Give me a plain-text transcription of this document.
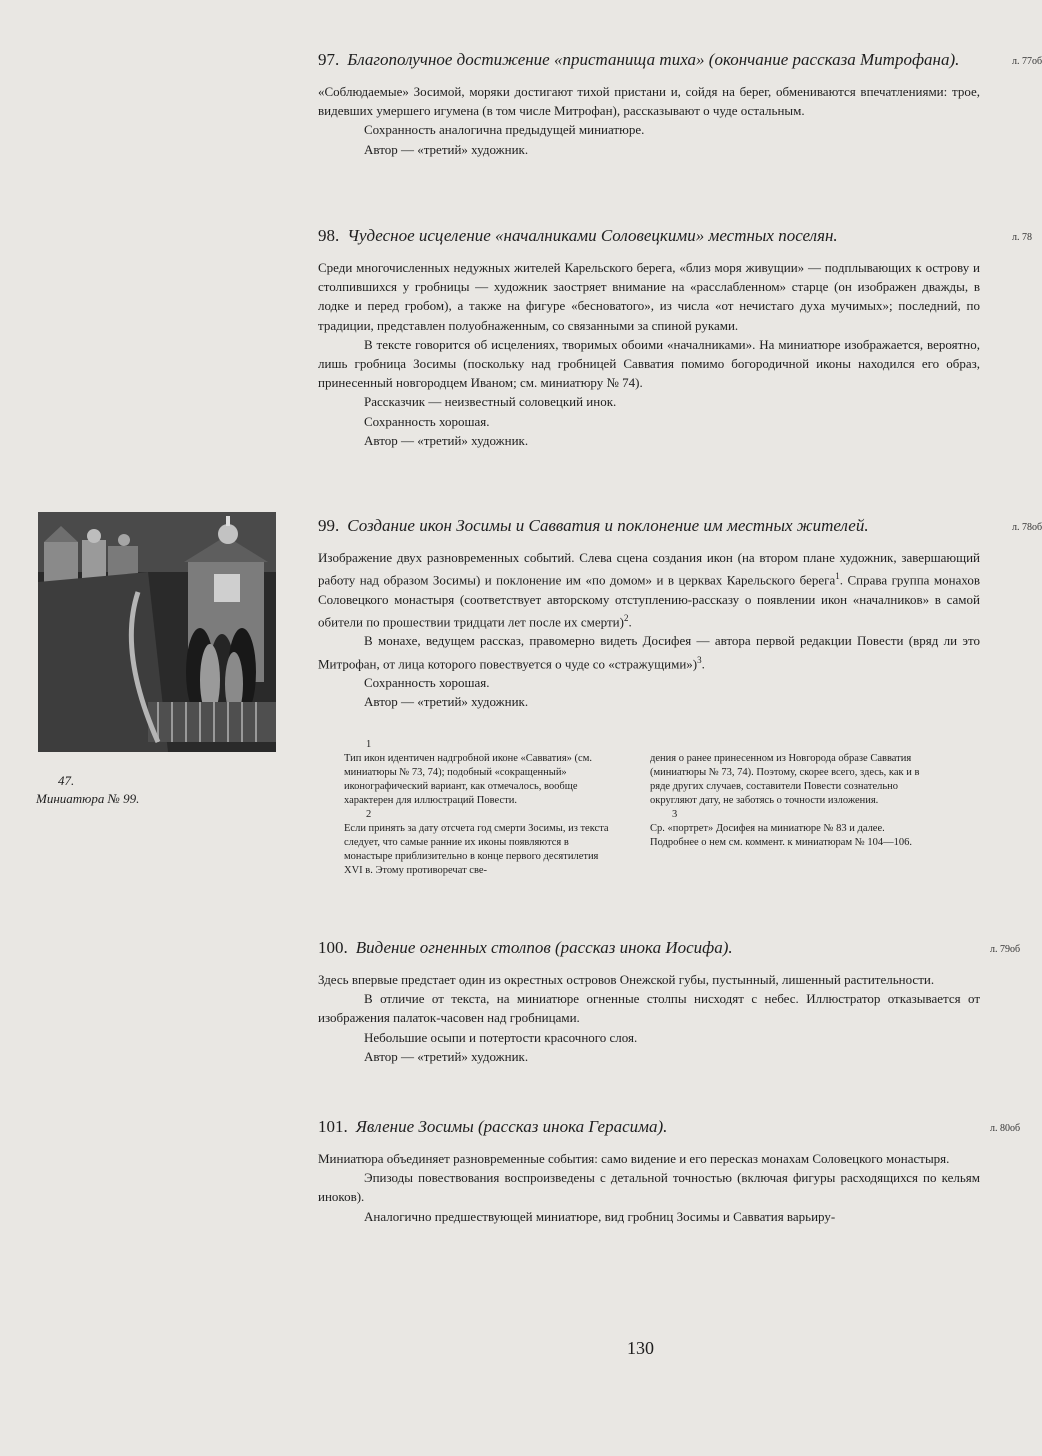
97. Благополучное достижение «пристанища тиха» (окончание рассказа Митрофана).

«Соблюдаемые» Зосимой, моряки достигают тихой пристани и, сойдя на берег, обмениваются впечатлениями: трое, видевших умершего игумена (в том числе Митрофан), рассказывают о чуде остальным.

Сохранность аналогична предыдущей миниатюре.

Автор — «третий» художник.

л. 77об
98. Чудесное исцеление «началниками Соловецкими» местных поселян.

Среди многочисленных недужных жителей Карельского берега, «близ моря живущии» — подплывающих к острову и столпившихся у гробницы — художник заостряет внимание на «расслабленном» старце (он изображен дважды, в лодке и перед гробом), а также на фигуре «бесноватого», из числа «от нечистаго духа мучимых»; последний, по традиции, представлен полуобнаженным, со связанными за спиной руками.

В тексте говорится об исцелениях, творимых обоими «началниками». На миниатюре изображается, вероятно, лишь гробница Зосимы (поскольку над гробницей Савватия помимо богородичной иконы находился его образ, принесенный новгородцем Иваном; см. миниатюру № 74).

Рассказчик — неизвестный соловецкий инок.

Сохранность хорошая.

Автор — «третий» художник.

л. 78
99. Создание икон Зосимы и Савватия и поклонение им местных жителей.

Изображение двух разновременных событий. Слева сцена создания икон (на втором плане художник, завершающий работу над образом Зосимы) и поклонение им «по домом» и в церквах Карельского берега$^1$. Справа группа монахов Соловецкого монастыря (соответствует авторскому отступлению-рассказу о появлении икон «началников» в самой обители по прошествии тридцати лет после их смерти)$^2$.

В монахе, ведущем рассказ, правомерно видеть Досифея — автора первой редакции Повести (вряд ли это Митрофан, от лица которого повествуется о чуде со «стражущими»)$^3$.

Сохранность хорошая.

Автор — «третий» художник.

л. 78об
1
Тип икон идентичен надгробной иконе «Савватия» (см. миниатюры № 73, 74); подобный «сокращенный» иконографический вариант, как отмечалось, вообще характерен для иллюстраций Повести.
2
Если принять за дату отсчета год смерти Зосимы, из текста следует, что самые ранние их иконы появляются в монастыре приблизительно в конце первого десятилетия XVI в. Этому противоречат све-
дения о ранее принесенном из Новгорода образе Савватия (миниатюры № 73, 74). Поэтому, скорее всего, здесь, как и в ряде других случаев, составители Повести сознательно округляют дату, не заботясь о точности изложения.
3
Ср. «портрет» Досифея на миниатюре № 83 и далее. Подробнее о нем см. коммент. к миниатюрам № 104—106.
100. Видение огненных столпов (рассказ инока Иосифа).

Здесь впервые предстает один из окрестных островов Онежской губы, пустынный, лишенный растительности.

В отличие от текста, на миниатюре огненные столпы нисходят с небес. Иллюстратор отказывается от изображения палаток-часовен над гробницами.

Небольшие осыпи и потертости красочного слоя.

Автор — «третий» художник.

л. 79об
101. Явление Зосимы (рассказ инока Герасима).

Миниатюра объединяет разновременные события: само видение и его пересказ монахам Соловецкого монастыря.

Эпизоды повествования воспроизведены с детальной точностью (включая фигуры расходящихся по кельям иноков).

Аналогично предшествующей миниатюре, вид гробниц Зосимы и Савватия варьиру-

л. 80об
47.
Миниатюра № 99.
130
